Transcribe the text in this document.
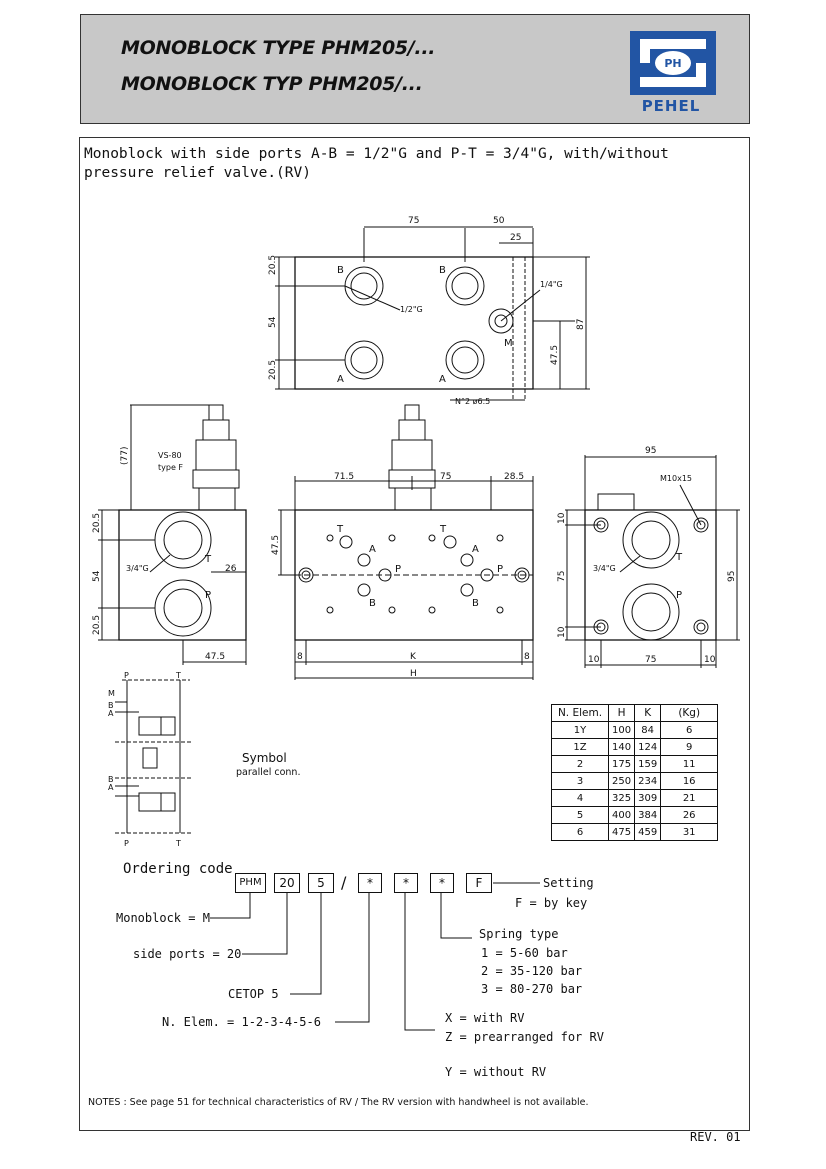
MONOBLOCK TYPE PHM205/...
MONOBLOCK TYP PHM205/...
PH
PEHEL
Monoblock with side ports A-B = 1/2"G and P-T = 3/4"G, with/without pressure relief valve.(RV)
75	50
25
20.5
54
20.5
87
47.5
B	B
A	A
M
1/2"G
1/4"G
N°2 ø6.5
(77)	VS-80
type F
20.5
54
20.5
3/4"G	26
47.5
T
P
71.5	75	28.5
47.5
8	K	8
H
T	T
A	A
P	P
B	B
95
M10x15
10
75
10
95
3/4"G
10	75	10
T
P
P	T
M
B
A
B
A
P	T
Symbol
parallel conn.
N. Elem.	H	K	(Kg)
1Y	100	84	6
1Z	140	124	9
2	175	159	11
3	250	234	16
4	325	309	21
5	400	384	26
6	475	459	31
Ordering code
PHM	20	5	/	*	*	*	F
Monoblock = M
side ports = 20
CETOP 5
N. Elem. = 1-2-3-4-5-6
Setting
F = by key
Spring type
1 = 5-60 bar
2 = 35-120 bar
3 = 80-270 bar
X = with RV
Z = prearranged for RV
Y = without RV
NOTES : See page 51 for technical characteristics of RV / The RV version with handwheel is not available.
REV. 01
